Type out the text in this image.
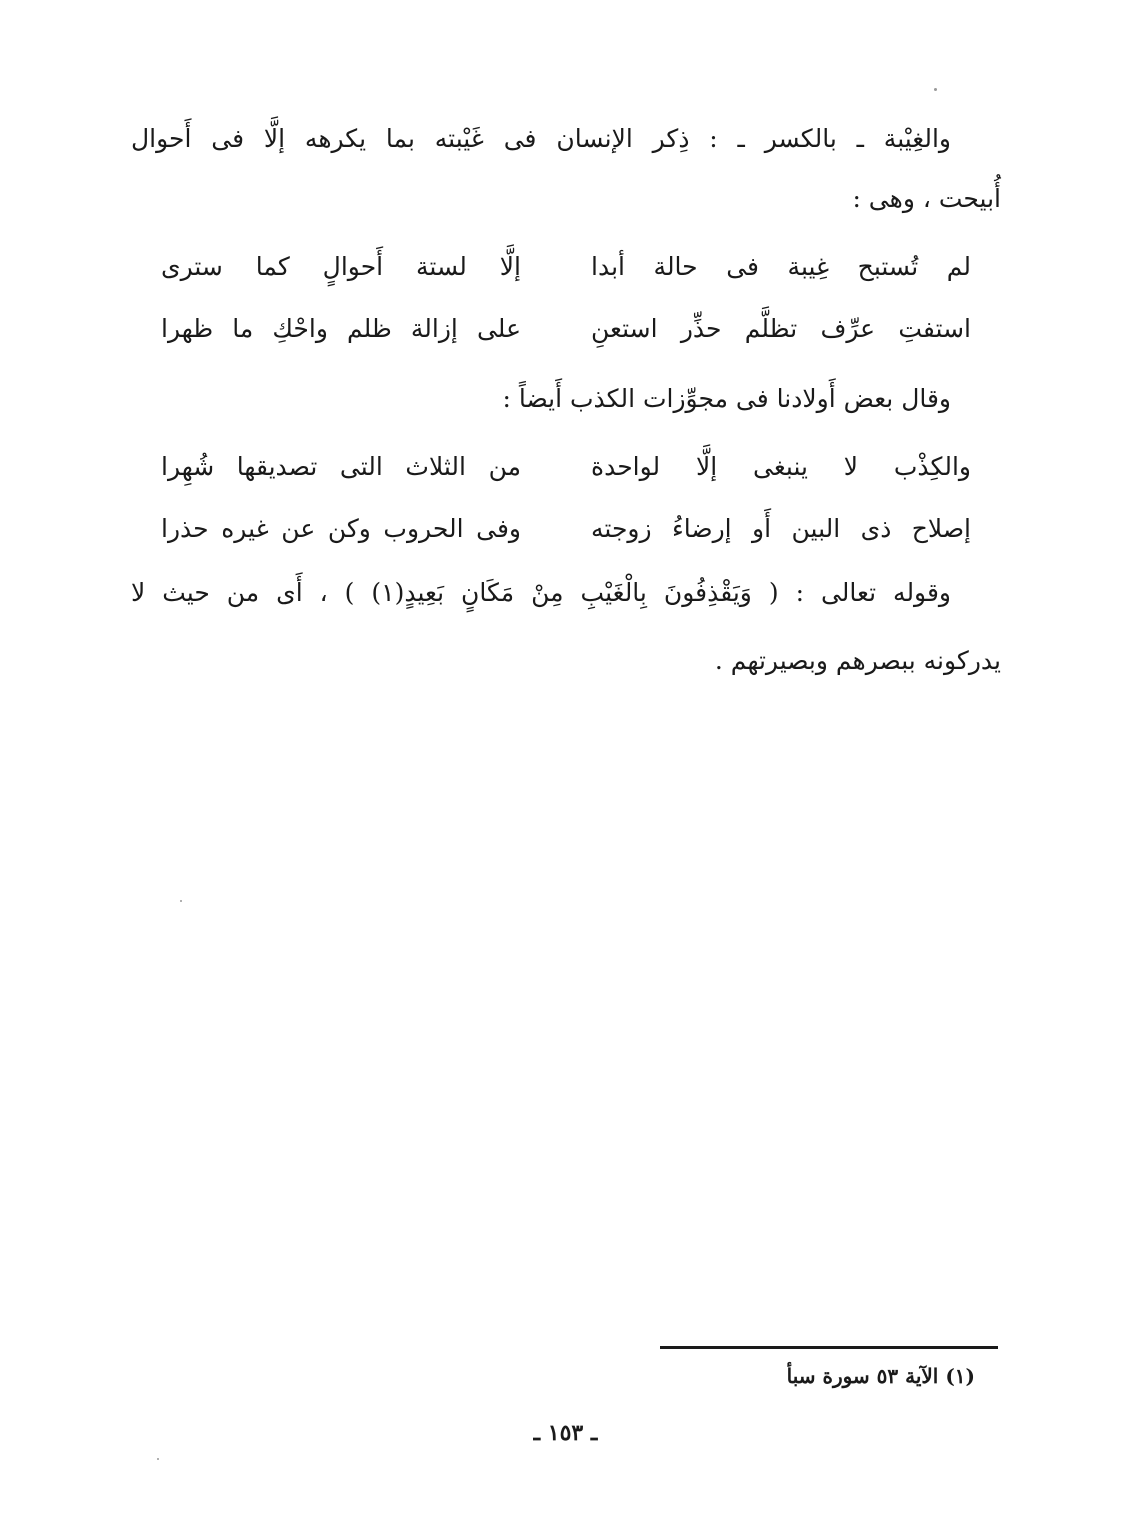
والغِيْبة ـ بالكسر ـ : ذِكر الإنسان فى غَيْبته بما يكرهه إلَّا فى أَحوال
أُبيحت ، وهى :
لم تُستبح غِيبة فى حالة أبدا
إلَّا لستة أَحوالٍ كما سترى
استفتِ عرِّف تظلَّم حذِّر استعنِ
على إزالة ظلم واحْكِ ما ظهرا
وقال بعض أَولادنا فى مجوِّزات الكذب أَيضاً :
والكِذْب لا ينبغى إلَّا لواحدة
من الثلاث التى تصديقها شُهِرا
إصلاح ذى البين أَو إرضاءُ زوجته
وفى الحروب وكن عن غيره حذرا
وقوله تعالى : ( وَيَقْذِفُونَ بِالْغَيْبِ مِنْ مَكَانٍ بَعِيدٍ(١) ) ، أَى من حيث لا
يدركونه ببصرهم وبصيرتهم .
(١) الآية ٥٣ سورة سبأ
ـ ١٥٣ ـ
